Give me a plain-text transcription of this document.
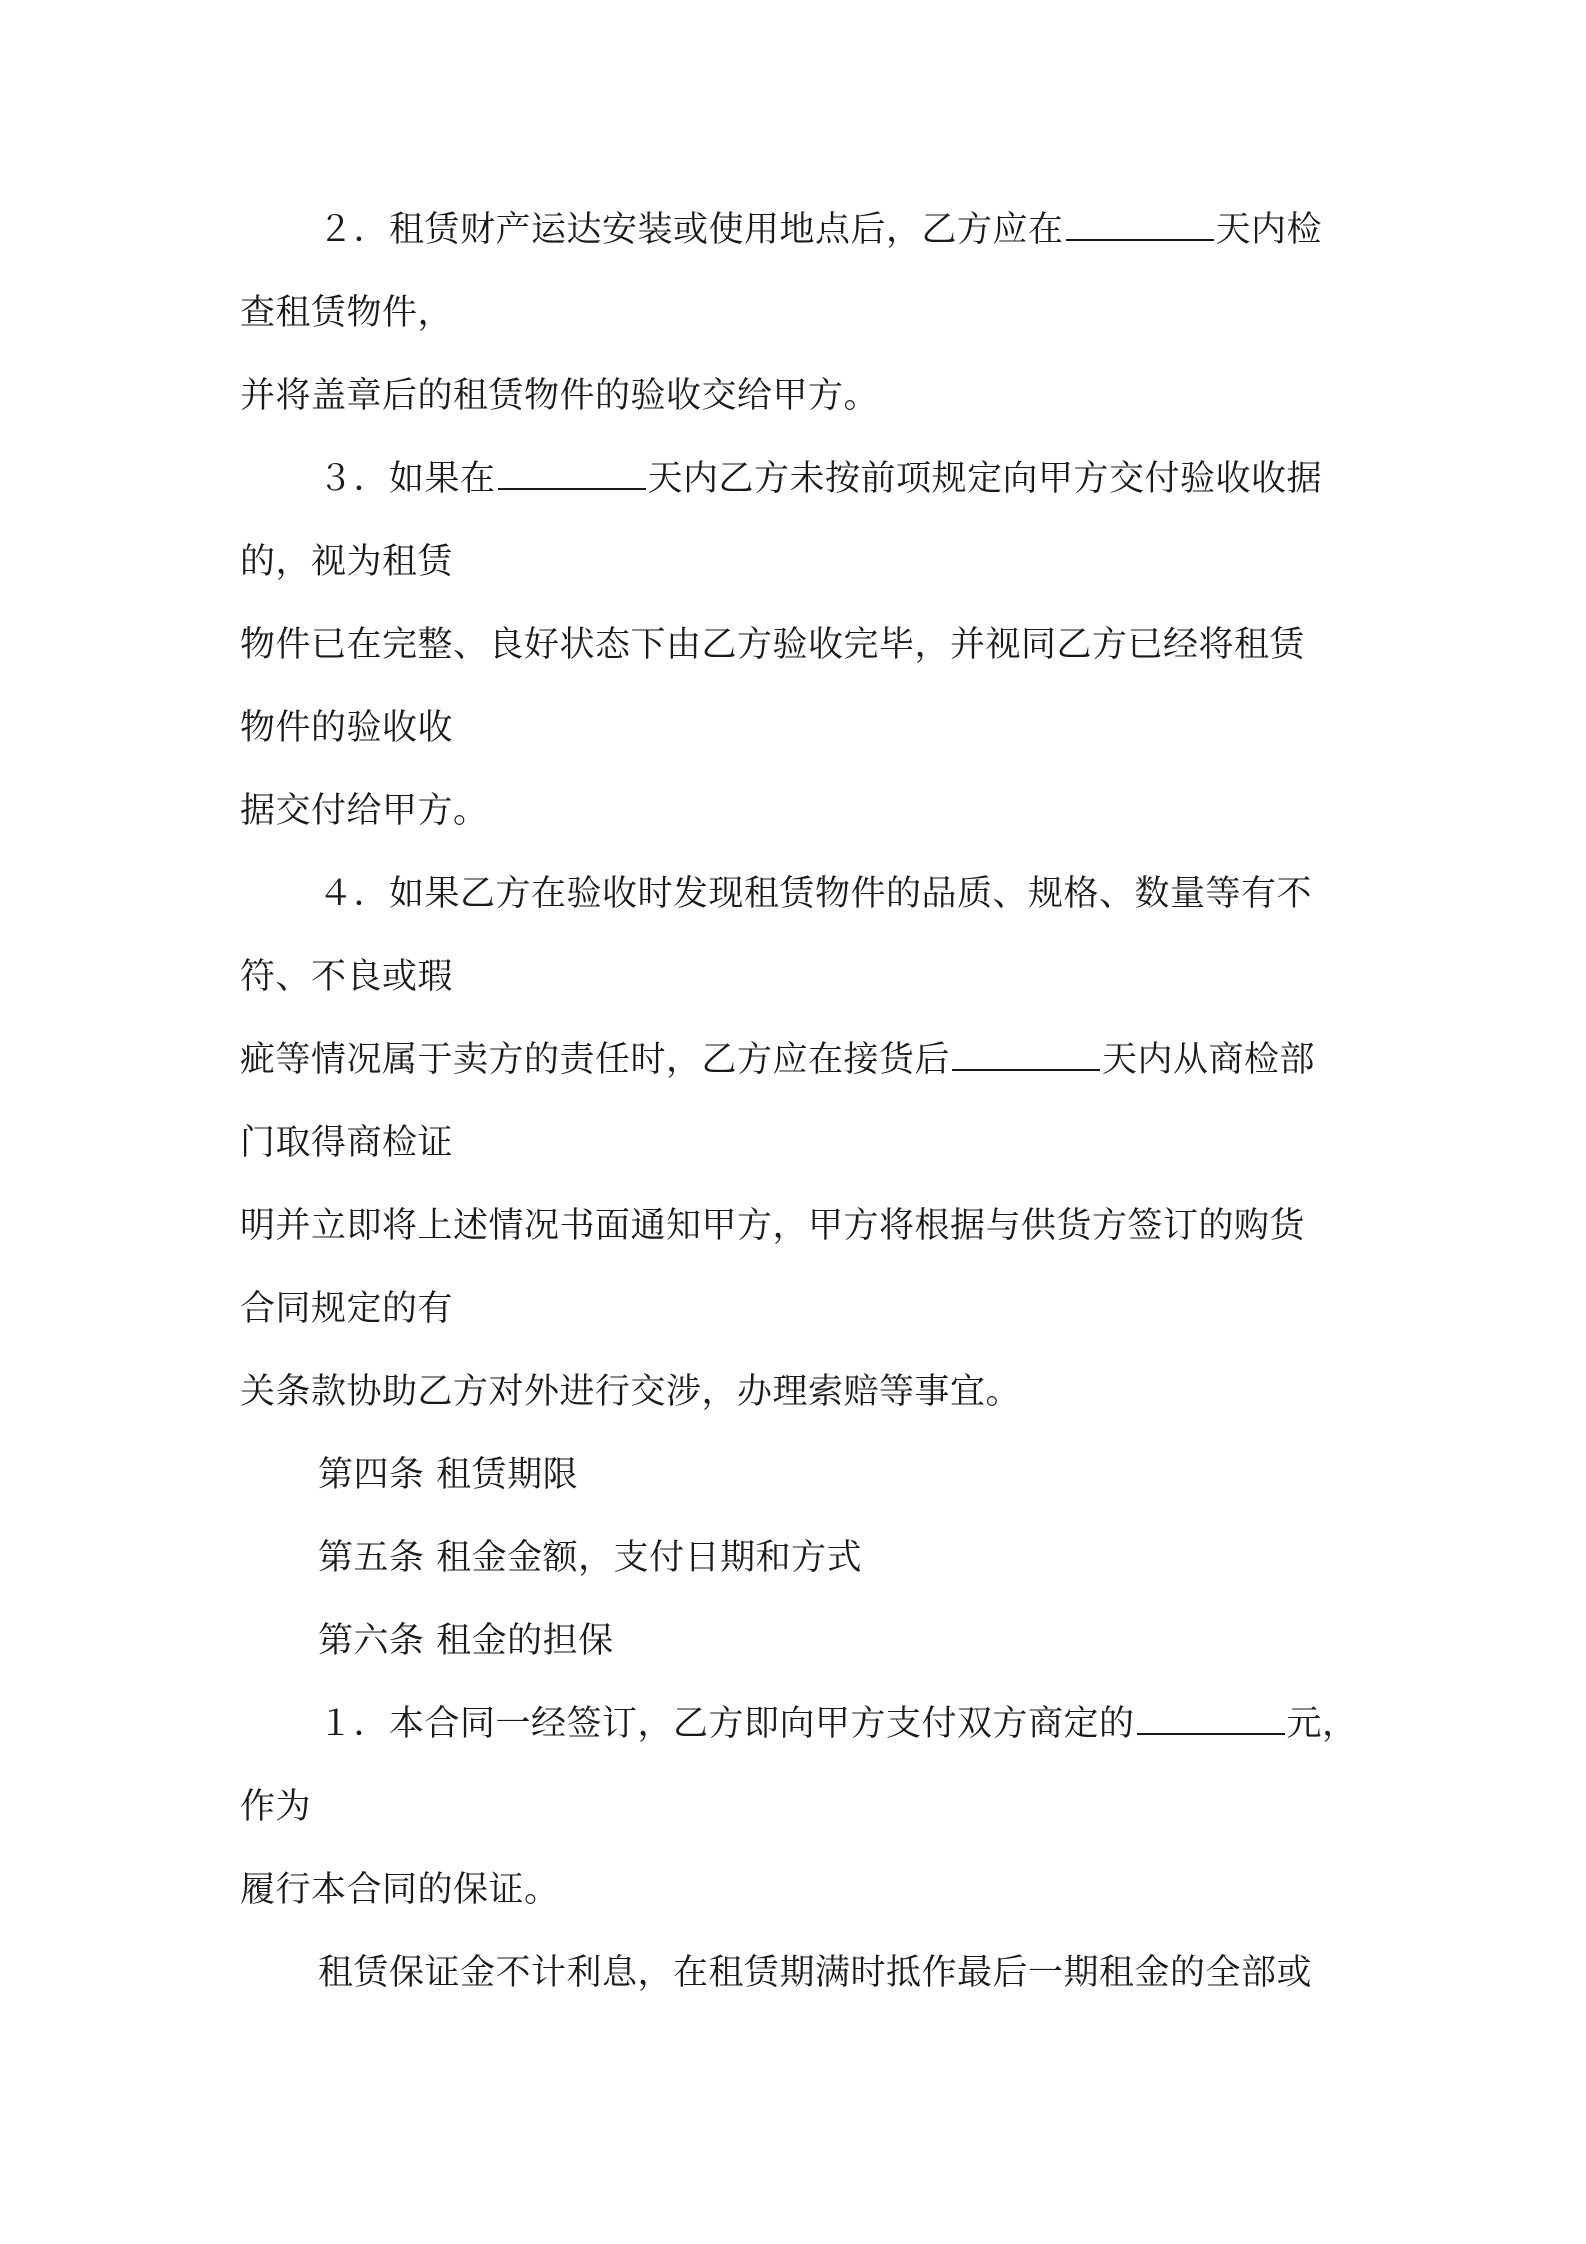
２．租赁财产运达安装或使用地点后，乙方应在	天内检
查租赁物件，
并将盖章后的租赁物件的验收交给甲方。
３．如果在	天内乙方未按前项规定向甲方交付验收收据
的，视为租赁
物件已在完整、良好状态下由乙方验收完毕，并视同乙方已经将租赁
物件的验收收
据交付给甲方。
４．如果乙方在验收时发现租赁物件的品质、规格、数量等有不
符、不良或瑕
疵等情况属于卖方的责任时，乙方应在接货后	天内从商检部
门取得商检证
明并立即将上述情况书面通知甲方，甲方将根据与供货方签订的购货
合同规定的有
关条款协助乙方对外进行交涉，办理索赔等事宜。
第四条 租赁期限
第五条 租金金额，支付日期和方式
第六条 租金的担保
１．本合同一经签订，乙方即向甲方支付双方商定的	元，
作为
履行本合同的保证。
租赁保证金不计利息，在租赁期满时抵作最后一期租金的全部或
